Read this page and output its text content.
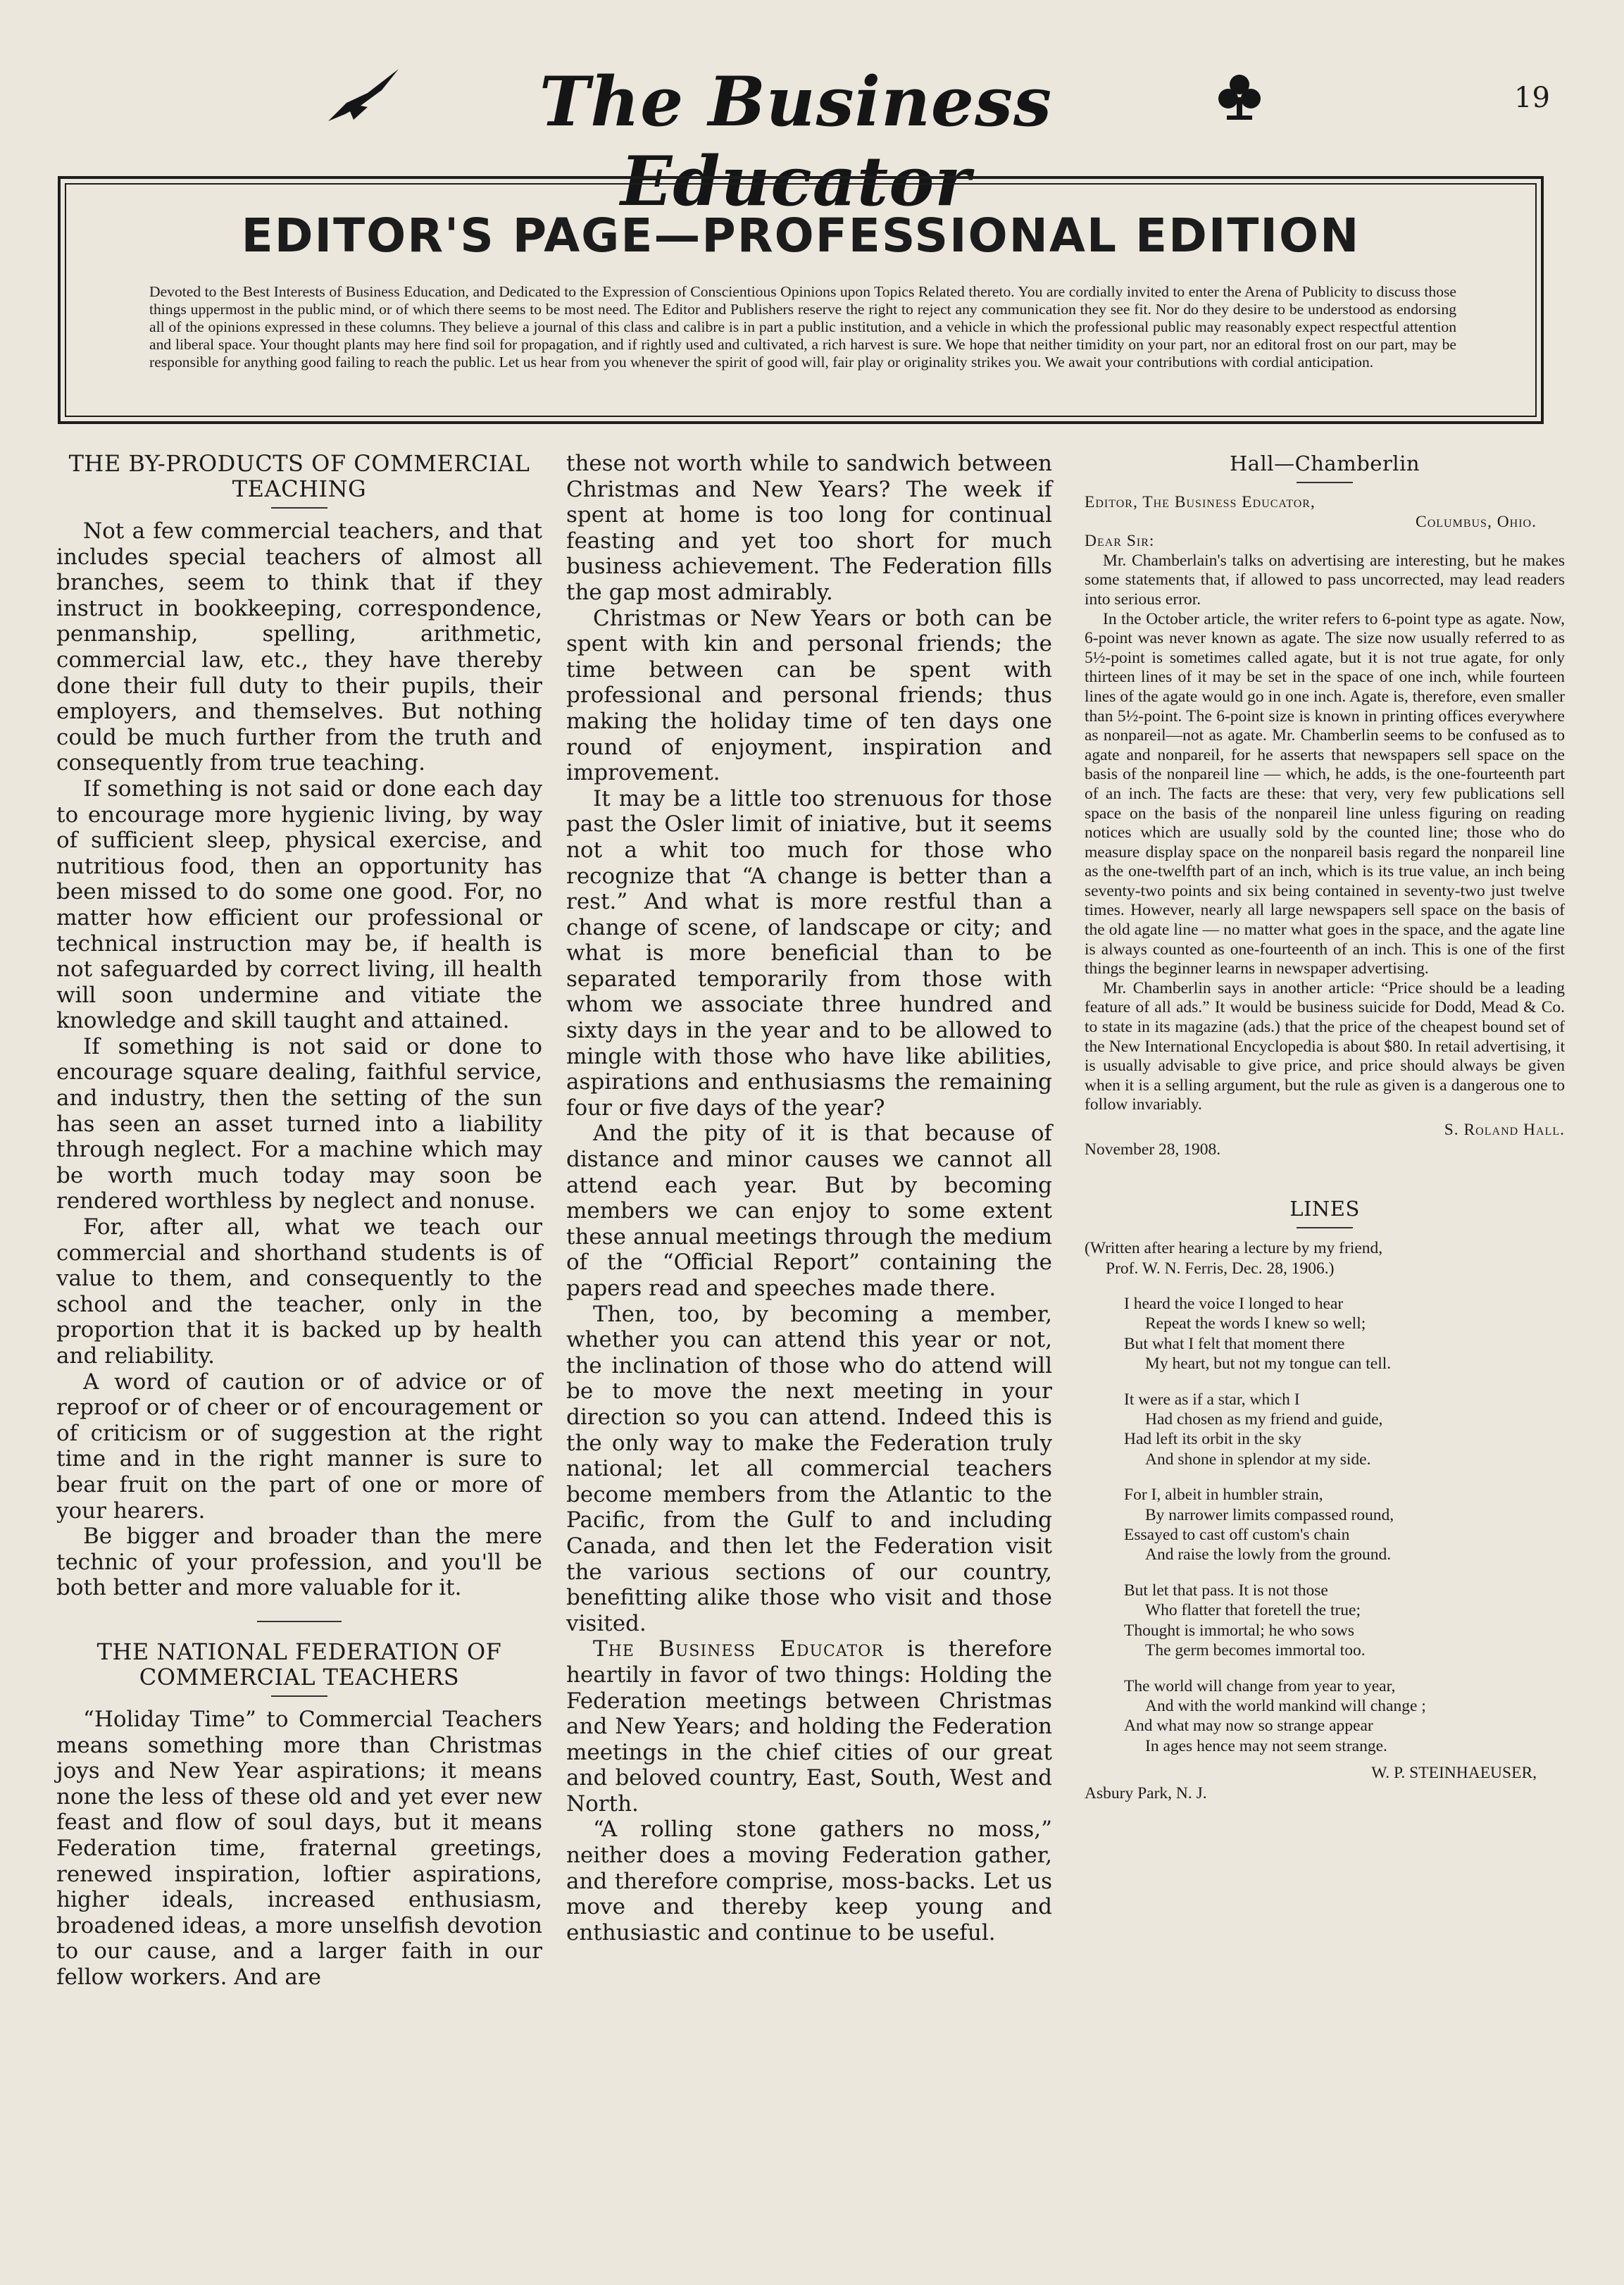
The Business Educator
19
EDITOR'S PAGE—PROFESSIONAL EDITION
Devoted to the Best Interests of Business Education, and Dedicated to the Expression of Conscientious Opinions upon Topics Related thereto. You are cordially invited to enter the Arena of Publicity to discuss those things uppermost in the public mind, or of which there seems to be most need. The Editor and Publishers reserve the right to reject any communication they see fit. Nor do they desire to be understood as endorsing all of the opinions expressed in these columns. They believe a journal of this class and calibre is in part a public institution, and a vehicle in which the professional public may reasonably expect respectful attention and liberal space. Your thought plants may here find soil for propagation, and if rightly used and cultivated, a rich harvest is sure. We hope that neither timidity on your part, nor an editoral frost on our part, may be responsible for anything good failing to reach the public. Let us hear from you whenever the spirit of good will, fair play or originality strikes you. We await your contributions with cordial anticipation.
THE BY-PRODUCTS OF COMMERCIAL TEACHING

Not a few commercial teachers, and that includes special teachers of almost all branches, seem to think that if they instruct in bookkeeping, correspondence, penmanship, spelling, arithmetic, commercial law, etc., they have thereby done their full duty to their pupils, their employers, and themselves. But nothing could be much further from the truth and consequently from true teaching.

If something is not said or done each day to encourage more hygienic living, by way of sufficient sleep, physical exercise, and nutritious food, then an opportunity has been missed to do some one good. For, no matter how efficient our professional or technical instruction may be, if health is not safeguarded by correct living, ill health will soon undermine and vitiate the knowledge and skill taught and attained.

If something is not said or done to encourage square dealing, faithful service, and industry, then the setting of the sun has seen an asset turned into a liability through neglect. For a machine which may be worth much today may soon be rendered worthless by neglect and nonuse.

For, after all, what we teach our commercial and shorthand students is of value to them, and consequently to the school and the teacher, only in the proportion that it is backed up by health and reliability.

A word of caution or of advice or of reproof or of cheer or of encouragement or of criticism or of suggestion at the right time and in the right manner is sure to bear fruit on the part of one or more of your hearers.

Be bigger and broader than the mere technic of your profession, and you'll be both better and more valuable for it.

THE NATIONAL FEDERATION OF COMMERCIAL TEACHERS

“Holiday Time” to Commercial Teachers means something more than Christmas joys and New Year aspirations; it means none the less of these old and yet ever new feast and flow of soul days, but it means Federation time, fraternal greetings, renewed inspiration, loftier aspirations, higher ideals, increased enthusiasm, broadened ideas, a more unselfish devotion to our cause, and a larger faith in our fellow workers. And are

these not worth while to sandwich between Christmas and New Years? The week if spent at home is too long for continual feasting and yet too short for much business achievement. The Federation fills the gap most admirably.

Christmas or New Years or both can be spent with kin and personal friends; the time between can be spent with professional and personal friends; thus making the holiday time of ten days one round of enjoyment, inspiration and improvement.

It may be a little too strenuous for those past the Osler limit of iniative, but it seems not a whit too much for those who recognize that “A change is better than a rest.” And what is more restful than a change of scene, of landscape or city; and what is more beneficial than to be separated temporarily from those with whom we associate three hundred and sixty days in the year and to be allowed to mingle with those who have like abilities, aspirations and enthusiasms the remaining four or five days of the year?

And the pity of it is that because of distance and minor causes we cannot all attend each year. But by becoming members we can enjoy to some extent these annual meetings through the medium of the “Official Report” containing the papers read and speeches made there.

Then, too, by becoming a member, whether you can attend this year or not, the inclination of those who do attend will be to move the next meeting in your direction so you can attend. Indeed this is the only way to make the Federation truly national; let all commercial teachers become members from the Atlantic to the Pacific, from the Gulf to and including Canada, and then let the Federation visit the various sections of our country, benefitting alike those who visit and those visited.

The Business Educator is therefore heartily in favor of two things: Holding the Federation meetings between Christmas and New Years; and holding the Federation meetings in the chief cities of our great and beloved country, East, South, West and North.

“A rolling stone gathers no moss,” neither does a moving Federation gather, and therefore comprise, moss-backs. Let us move and thereby keep young and enthusiastic and continue to be useful.

Hall—Chamberlin
Editor, The Business Educator,
Columbus, Ohio.
Dear Sir:

Mr. Chamberlain's talks on advertising are interesting, but he makes some statements that, if allowed to pass uncorrected, may lead readers into serious error.

In the October article, the writer refers to 6-point type as agate. Now, 6-point was never known as agate. The size now usually referred to as 5½-point is sometimes called agate, but it is not true agate, for only thirteen lines of it may be set in the space of one inch, while fourteen lines of the agate would go in one inch. Agate is, therefore, even smaller than 5½-point. The 6-point size is known in printing offices everywhere as nonpareil—not as agate. Mr. Chamberlin seems to be confused as to agate and nonpareil, for he asserts that newspapers sell space on the basis of the nonpareil line — which, he adds, is the one-fourteenth part of an inch. The facts are these: that very, very few publications sell space on the basis of the nonpareil line unless figuring on reading notices which are usually sold by the counted line; those who do measure display space on the nonpareil basis regard the nonpareil line as the one-twelfth part of an inch, which is its true value, an inch being seventy-two points and six being contained in seventy-two just twelve times. However, nearly all large newspapers sell space on the basis of the old agate line — no matter what goes in the space, and the agate line is always counted as one-fourteenth of an inch. This is one of the first things the beginner learns in newspaper advertising.

Mr. Chamberlin says in another article: “Price should be a leading feature of all ads.” It would be business suicide for Dodd, Mead & Co. to state in its magazine (ads.) that the price of the cheapest bound set of the New International Encyclopedia is about $80. In retail advertising, it is usually advisable to give price, and price should always be given when it is a selling argument, but the rule as given is a dangerous one to follow invariably.

S. Roland Hall.
November 28, 1908.
LINES
(Written after hearing a lecture by my friend,
Prof. W. N. Ferris, Dec. 28, 1906.)
I heard the voice I longed to hear
Repeat the words I knew so well;
But what I felt that moment there
My heart, but not my tongue can tell.
It were as if a star, which I
Had chosen as my friend and guide,
Had left its orbit in the sky
And shone in splendor at my side.
For I, albeit in humbler strain,
By narrower limits compassed round,
Essayed to cast off custom's chain
And raise the lowly from the ground.
But let that pass. It is not those
Who flatter that foretell the true;
Thought is immortal; he who sows
The germ becomes immortal too.
The world will change from year to year,
And with the world mankind will change ;
And what may now so strange appear
In ages hence may not seem strange.
W. P. STEINHAEUSER,
Asbury Park, N. J.
